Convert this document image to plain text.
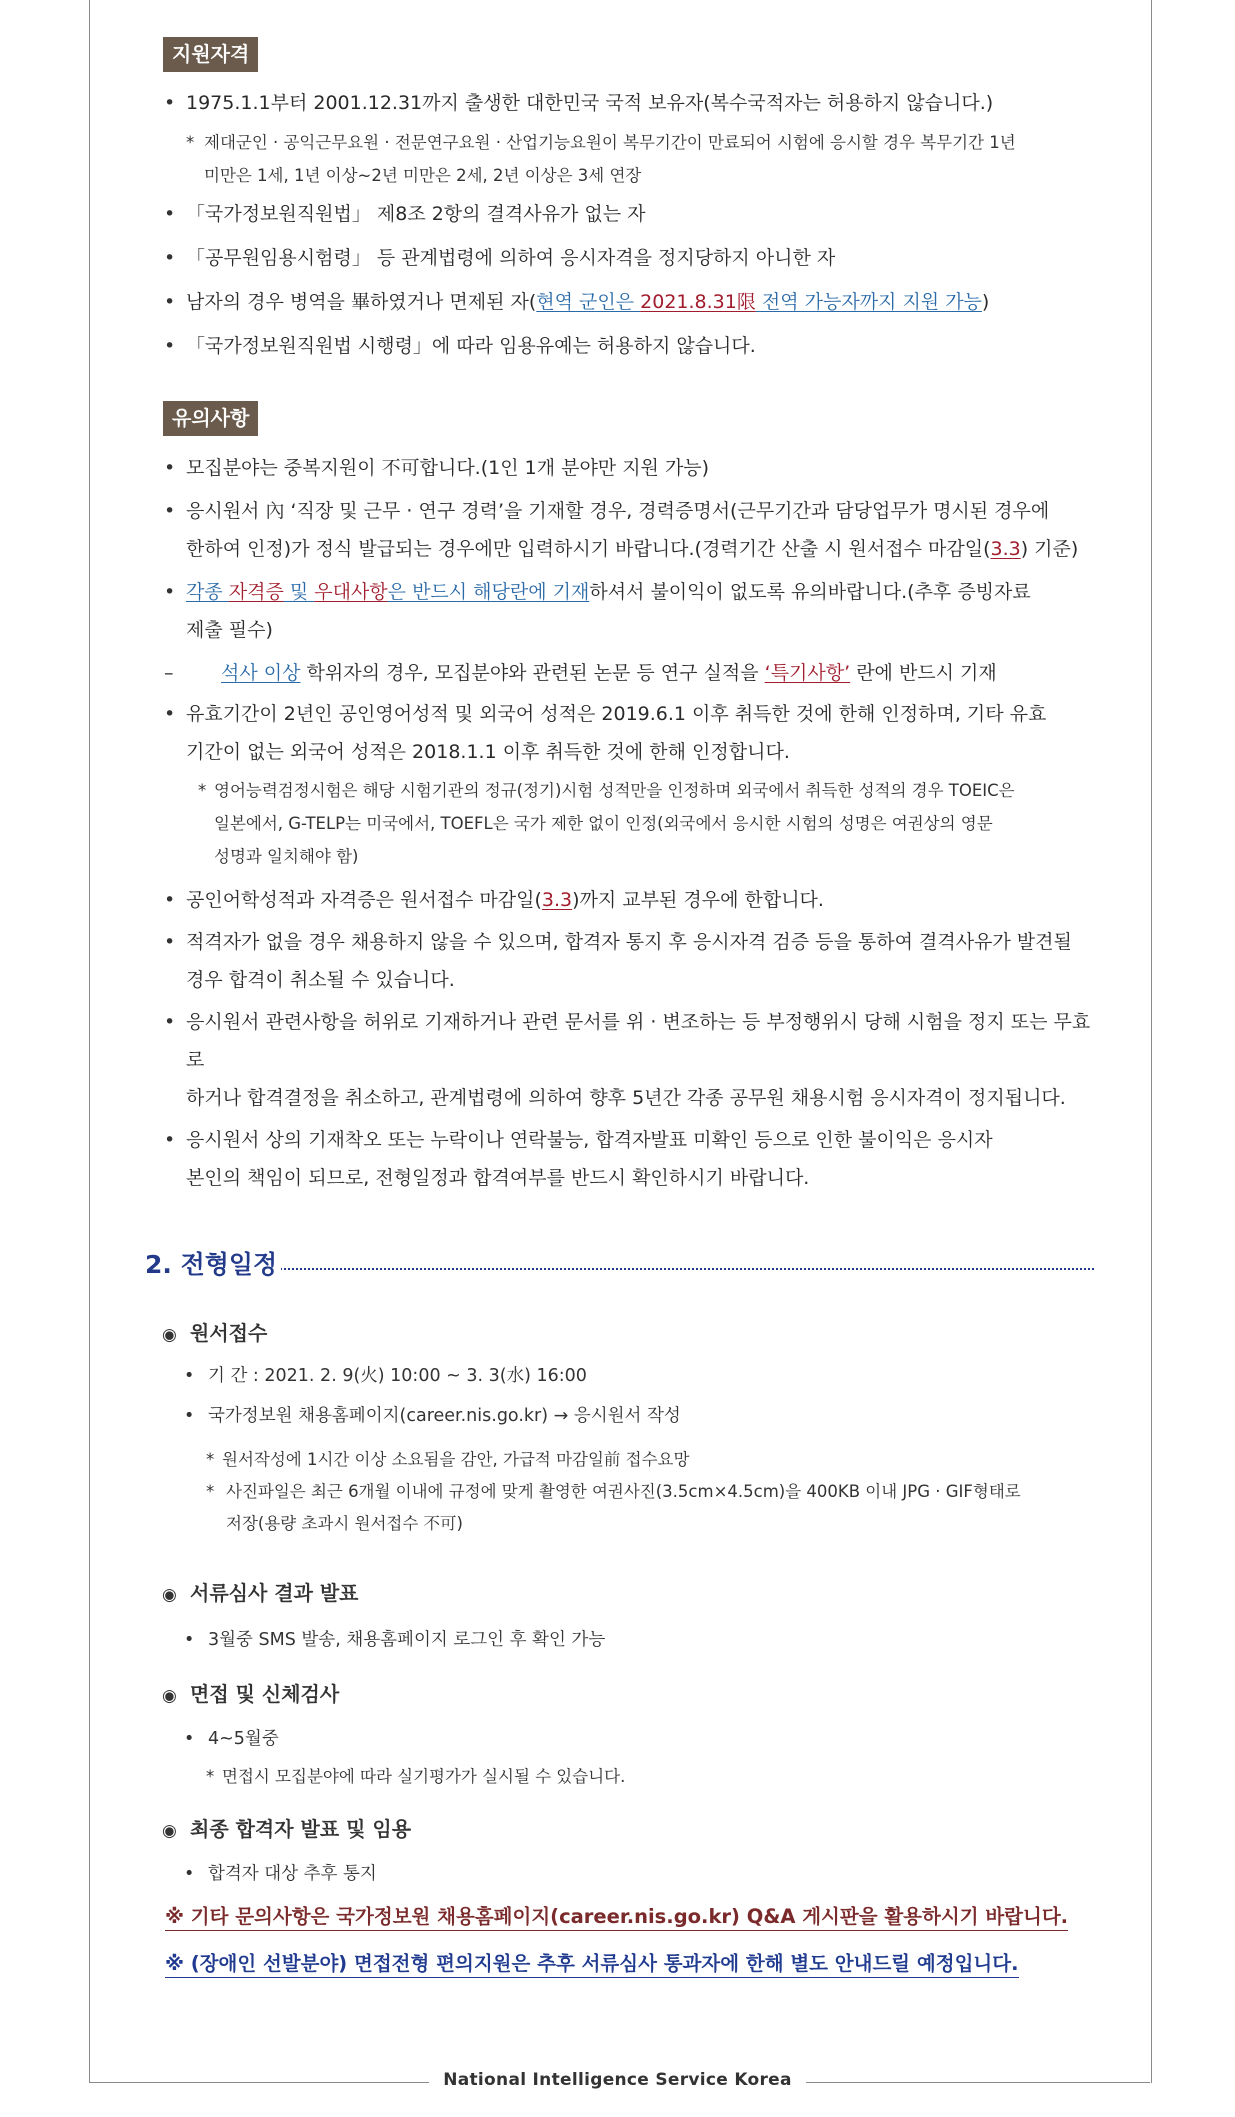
National Intelligence Service Korea
지원자격
• 1975.1.1부터 2001.12.31까지 출생한 대한민국 국적 보유자(복수국적자는 허용하지 않습니다.)
* 제대군인 · 공익근무요원 · 전문연구요원 · 산업기능요원이 복무기간이 만료되어 시험에 응시할 경우 복무기간 1년
미만은 1세, 1년 이상~2년 미만은 2세, 2년 이상은 3세 연장
• 「국가정보원직원법」 제8조 2항의 결격사유가 없는 자
• 「공무원임용시험령」 등 관계법령에 의하여 응시자격을 정지당하지 아니한 자
• 남자의 경우 병역을 畢하였거나 면제된 자(현역 군인은 2021.8.31限 전역 가능자까지 지원 가능)
• 「국가정보원직원법 시행령」에 따라 임용유예는 허용하지 않습니다.
유의사항
• 모집분야는 중복지원이 不可합니다.(1인 1개 분야만 지원 가능)
• 응시원서 內 ‘직장 및 근무 · 연구 경력’을 기재할 경우, 경력증명서(근무기간과 담당업무가 명시된 경우에
한하여 인정)가 정식 발급되는 경우에만 입력하시기 바랍니다.(경력기간 산출 시 원서접수 마감일(3.3) 기준)
• 각종 자격증 및 우대사항은 반드시 해당란에 기재하셔서 불이익이 없도록 유의바랍니다.(추후 증빙자료
제출 필수)
– 석사 이상 학위자의 경우, 모집분야와 관련된 논문 등 연구 실적을 ‘특기사항’ 란에 반드시 기재
• 유효기간이 2년인 공인영어성적 및 외국어 성적은 2019.6.1 이후 취득한 것에 한해 인정하며, 기타 유효
기간이 없는 외국어 성적은 2018.1.1 이후 취득한 것에 한해 인정합니다.
* 영어능력검정시험은 해당 시험기관의 정규(정기)시험 성적만을 인정하며 외국에서 취득한 성적의 경우 TOEIC은
일본에서, G-TELP는 미국에서, TOEFL은 국가 제한 없이 인정(외국에서 응시한 시험의 성명은 여권상의 영문
성명과 일치해야 함)
• 공인어학성적과 자격증은 원서접수 마감일(3.3)까지 교부된 경우에 한합니다.
• 적격자가 없을 경우 채용하지 않을 수 있으며, 합격자 통지 후 응시자격 검증 등을 통하여 결격사유가 발견될
경우 합격이 취소될 수 있습니다.
• 응시원서 관련사항을 허위로 기재하거나 관련 문서를 위 · 변조하는 등 부정행위시 당해 시험을 정지 또는 무효로
하거나 합격결정을 취소하고, 관계법령에 의하여 향후 5년간 각종 공무원 채용시험 응시자격이 정지됩니다.
• 응시원서 상의 기재착오 또는 누락이나 연락불능, 합격자발표 미확인 등으로 인한 불이익은 응시자
본인의 책임이 되므로, 전형일정과 합격여부를 반드시 확인하시기 바랍니다.
2. 전형일정
◉ 원서접수
• 기 간 : 2021. 2. 9(火) 10:00 ~ 3. 3(水) 16:00
• 국가정보원 채용홈페이지(career.nis.go.kr) → 응시원서 작성
* 원서작성에 1시간 이상 소요됨을 감안, 가급적 마감일前 접수요망
* 사진파일은 최근 6개월 이내에 규정에 맞게 촬영한 여권사진(3.5cm×4.5cm)을 400KB 이내 JPG · GIF형태로
저장(용량 초과시 원서접수 不可)
◉ 서류심사 결과 발표
• 3월중 SMS 발송, 채용홈페이지 로그인 후 확인 가능
◉ 면접 및 신체검사
• 4~5월중
* 면접시 모집분야에 따라 실기평가가 실시될 수 있습니다.
◉ 최종 합격자 발표 및 임용
• 합격자 대상 추후 통지
※ 기타 문의사항은 국가정보원 채용홈페이지(career.nis.go.kr) Q&A 게시판을 활용하시기 바랍니다.
※ (장애인 선발분야) 면접전형 편의지원은 추후 서류심사 통과자에 한해 별도 안내드릴 예정입니다.
